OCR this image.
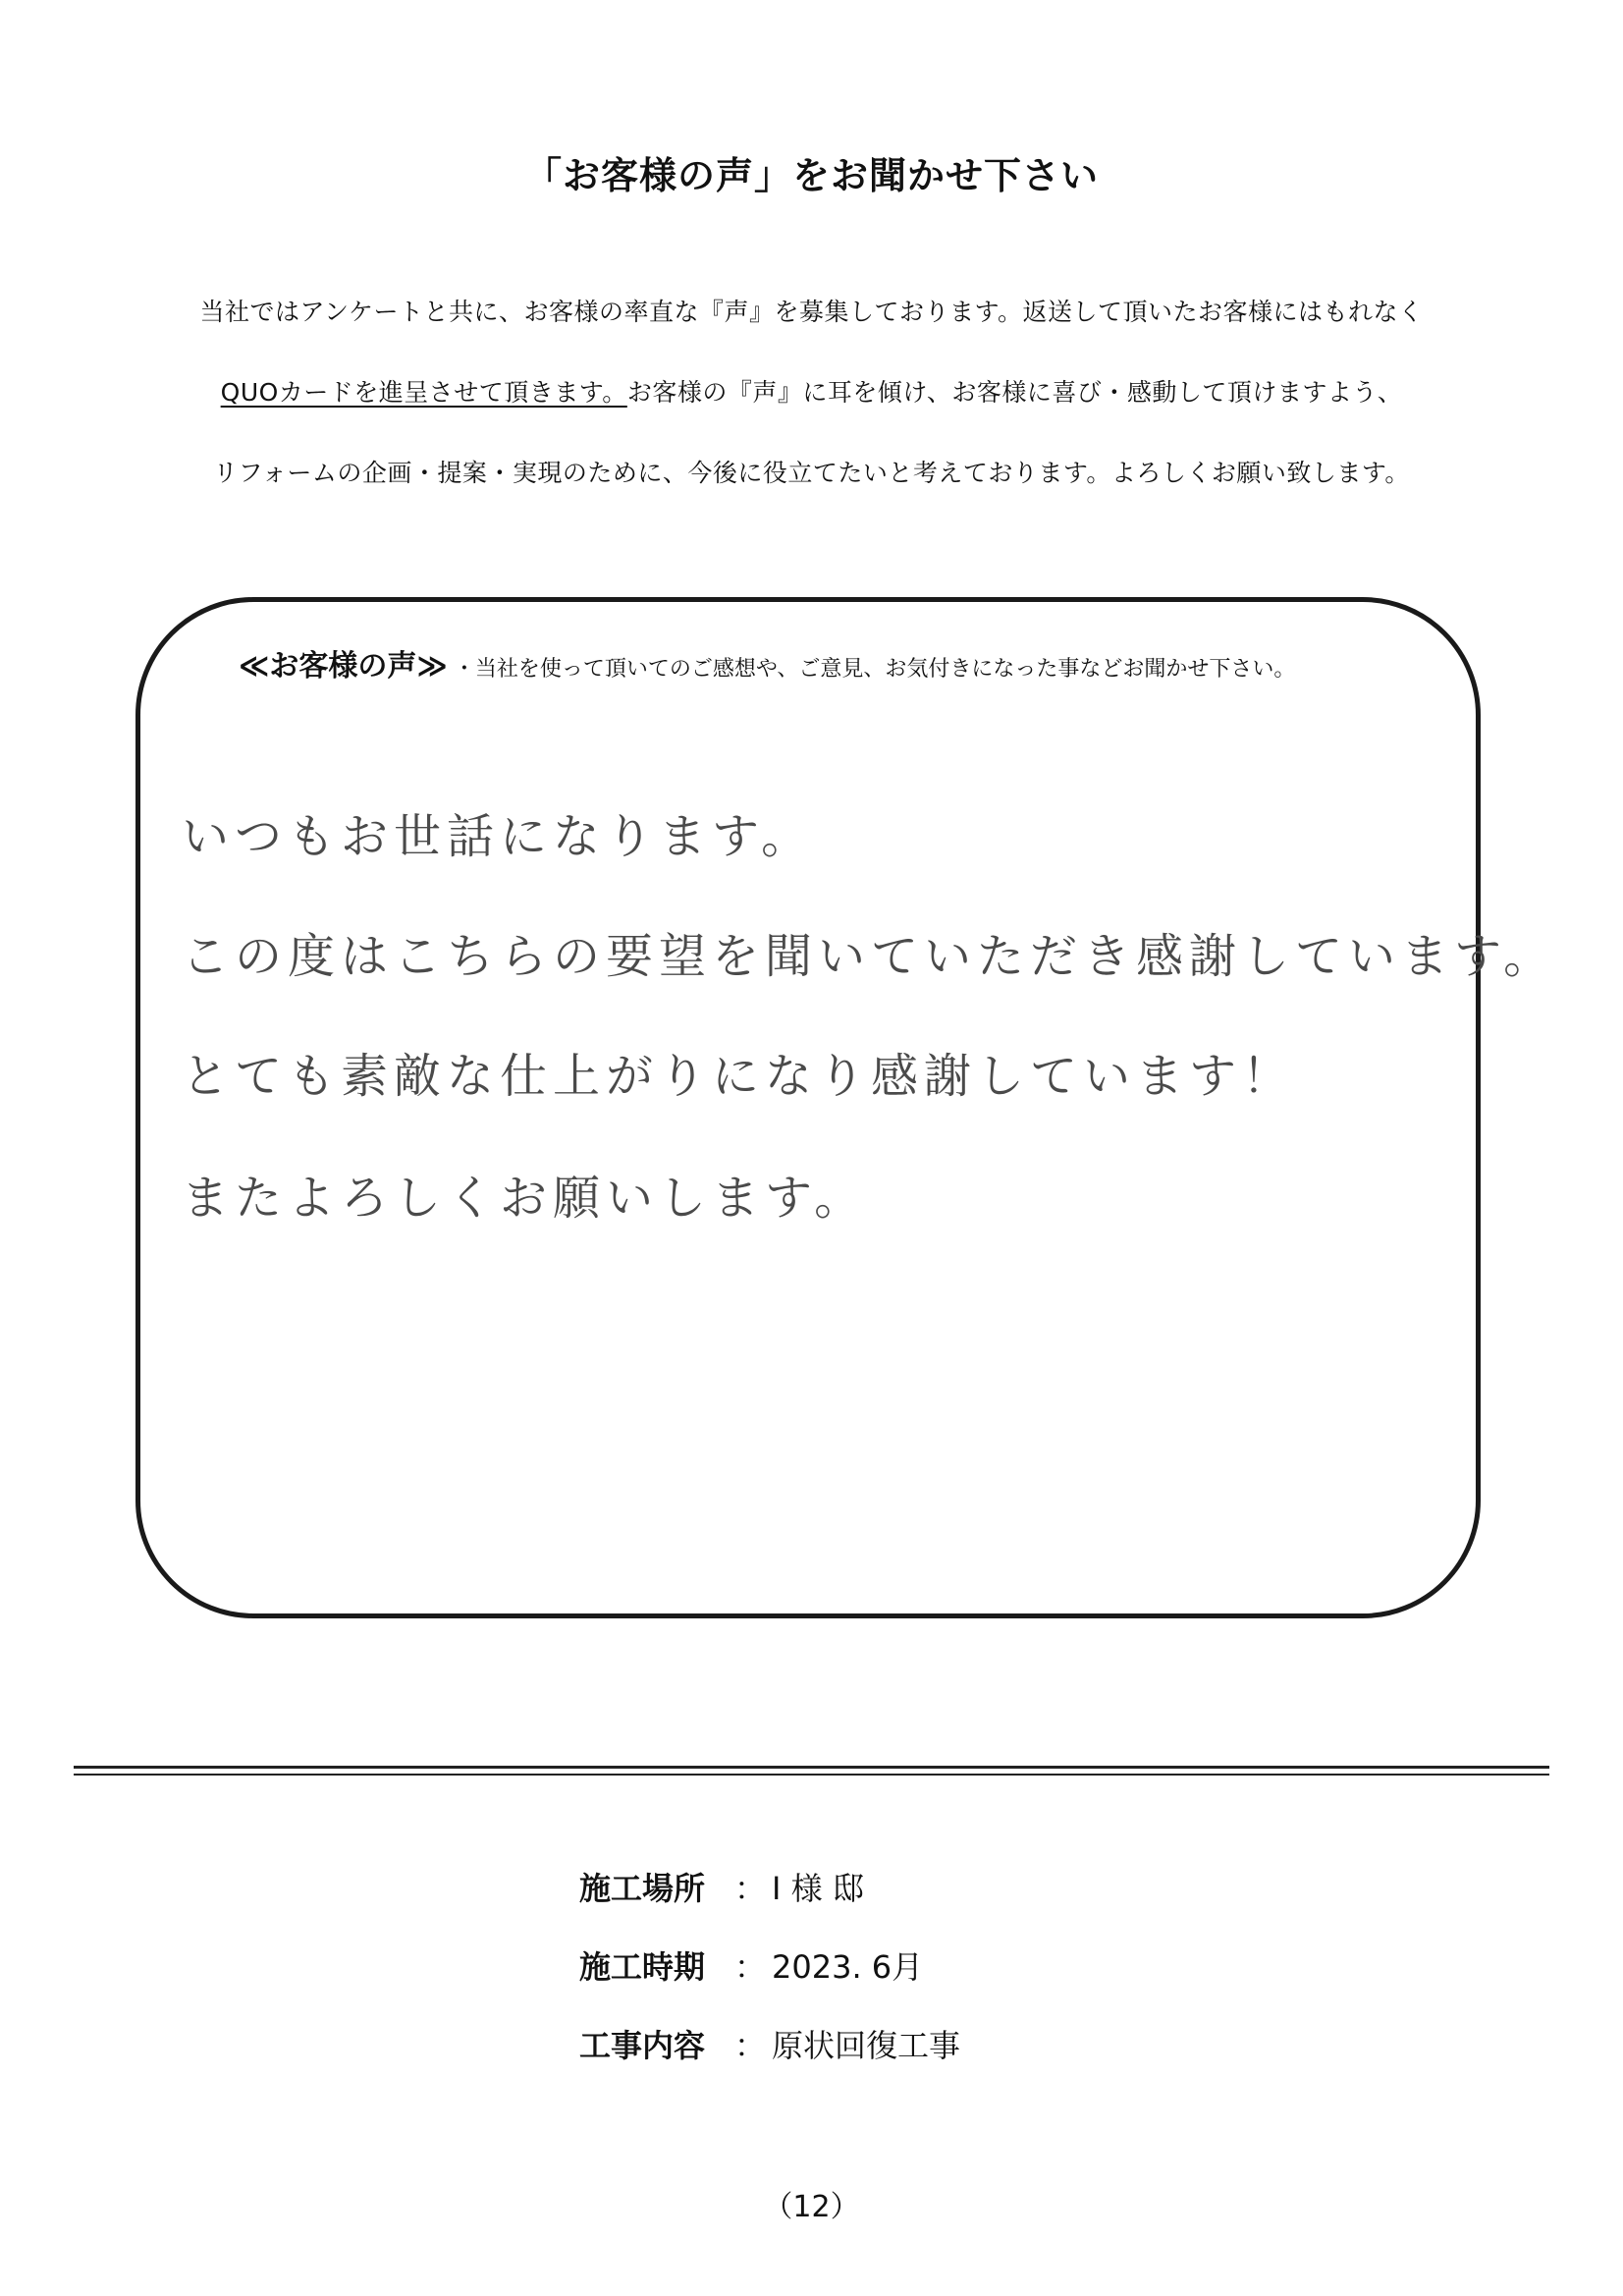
「お客様の声」をお聞かせ下さい
当社ではアンケートと共に、お客様の率直な『声』を募集しております。返送して頂いたお客様にはもれなく
QUOカードを進呈させて頂きます。お客様の『声』に耳を傾け、お客様に喜び・感動して頂けますよう、
リフォームの企画・提案・実現のために、今後に役立てたいと考えております。よろしくお願い致します。
≪お客様の声≫ ・当社を使って頂いてのご感想や、ご意見、お気付きになった事などお聞かせ下さい。
いつもお世話になります。
この度はこちらの要望を聞いていただき感謝しています。
とても素敵な仕上がりになり感謝しています！
またよろしくお願いします。
施工場所 ： I 様 邸
施工時期 ： 2023. 6月
工事内容 ： 原状回復工事
（12）
